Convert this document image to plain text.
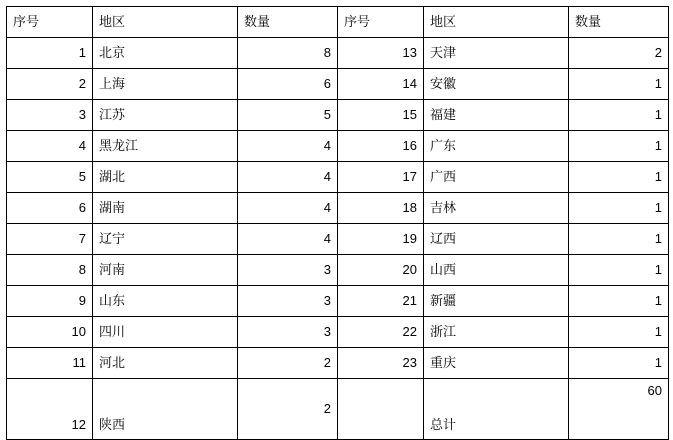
序号	地区	数量	序号	地区	数量
1	北京	8	13	天津	2
2	上海	6	14	安徽	1
3	江苏	5	15	福建	1
4	黑龙江	4	16	广东	1
5	湖北	4	17	广西	1
6	湖南	4	18	吉林	1
7	辽宁	4	19	辽西	1
8	河南	3	20	山西	1
9	山东	3	21	新疆	1
10	四川	3	22	浙江	1
11	河北	2	23	重庆	1
12	陕西	2		总计	60
